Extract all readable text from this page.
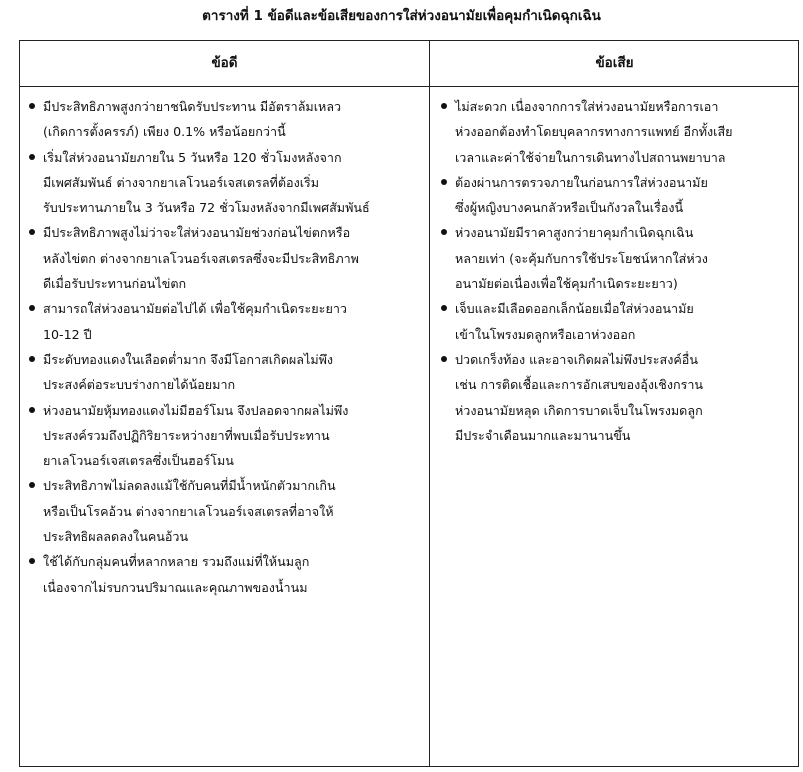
ตารางที่ 1 ข้อดีและข้อเสียของการใส่ห่วงอนามัยเพื่อคุมกำเนิดฉุกเฉิน
ข้อดี	ข้อเสีย
มีประสิทธิภาพสูงกว่ายาชนิดรับประทาน มีอัตราล้มเหลว
(เกิดการตั้งครรภ์) เพียง 0.1% หรือน้อยกว่านี้
เริ่มใส่ห่วงอนามัยภายใน 5 วันหรือ 120 ชั่วโมงหลังจาก
มีเพศสัมพันธ์ ต่างจากยาเลโวนอร์เจสเตรลที่ต้องเริ่ม
รับประทานภายใน 3 วันหรือ 72 ชั่วโมงหลังจากมีเพศสัมพันธ์
มีประสิทธิภาพสูงไม่ว่าจะใส่ห่วงอนามัยช่วงก่อนไข่ตกหรือ
หลังไข่ตก ต่างจากยาเลโวนอร์เจสเตรลซึ่งจะมีประสิทธิภาพ
ดีเมื่อรับประทานก่อนไข่ตก
สามารถใส่ห่วงอนามัยต่อไปได้ เพื่อใช้คุมกำเนิดระยะยาว
10-12 ปี
มีระดับทองแดงในเลือดต่ำมาก จึงมีโอกาสเกิดผลไม่พึง
ประสงค์ต่อระบบร่างกายได้น้อยมาก
ห่วงอนามัยหุ้มทองแดงไม่มีฮอร์โมน จึงปลอดจากผลไม่พึง
ประสงค์รวมถึงปฏิกิริยาระหว่างยาที่พบเมื่อรับประทาน
ยาเลโวนอร์เจสเตรลซึ่งเป็นฮอร์โมน
ประสิทธิภาพไม่ลดลงแม้ใช้กับคนที่มีน้ำหนักตัวมากเกิน
หรือเป็นโรคอ้วน ต่างจากยาเลโวนอร์เจสเตรลที่อาจให้
ประสิทธิผลลดลงในคนอ้วน
ใช้ได้กับกลุ่มคนที่หลากหลาย รวมถึงแม่ที่ให้นมลูก
เนื่องจากไม่รบกวนปริมาณและคุณภาพของน้ำนม
ไม่สะดวก เนื่องจากการใส่ห่วงอนามัยหรือการเอา
ห่วงออกต้องทำโดยบุคลากรทางการแพทย์ อีกทั้งเสีย
เวลาและค่าใช้จ่ายในการเดินทางไปสถานพยาบาล
ต้องผ่านการตรวจภายในก่อนการใส่ห่วงอนามัย
ซึ่งผู้หญิงบางคนกลัวหรือเป็นกังวลในเรื่องนี้
ห่วงอนามัยมีราคาสูงกว่ายาคุมกำเนิดฉุกเฉิน
หลายเท่า (จะคุ้มกับการใช้ประโยชน์หากใส่ห่วง
อนามัยต่อเนื่องเพื่อใช้คุมกำเนิดระยะยาว)
เจ็บและมีเลือดออกเล็กน้อยเมื่อใส่ห่วงอนามัย
เข้าในโพรงมดลูกหรือเอาห่วงออก
ปวดเกร็งท้อง และอาจเกิดผลไม่พึงประสงค์อื่น
เช่น การติดเชื้อและการอักเสบของอุ้งเชิงกราน
ห่วงอนามัยหลุด เกิดการบาดเจ็บในโพรงมดลูก
มีประจำเดือนมากและมานานขึ้น
